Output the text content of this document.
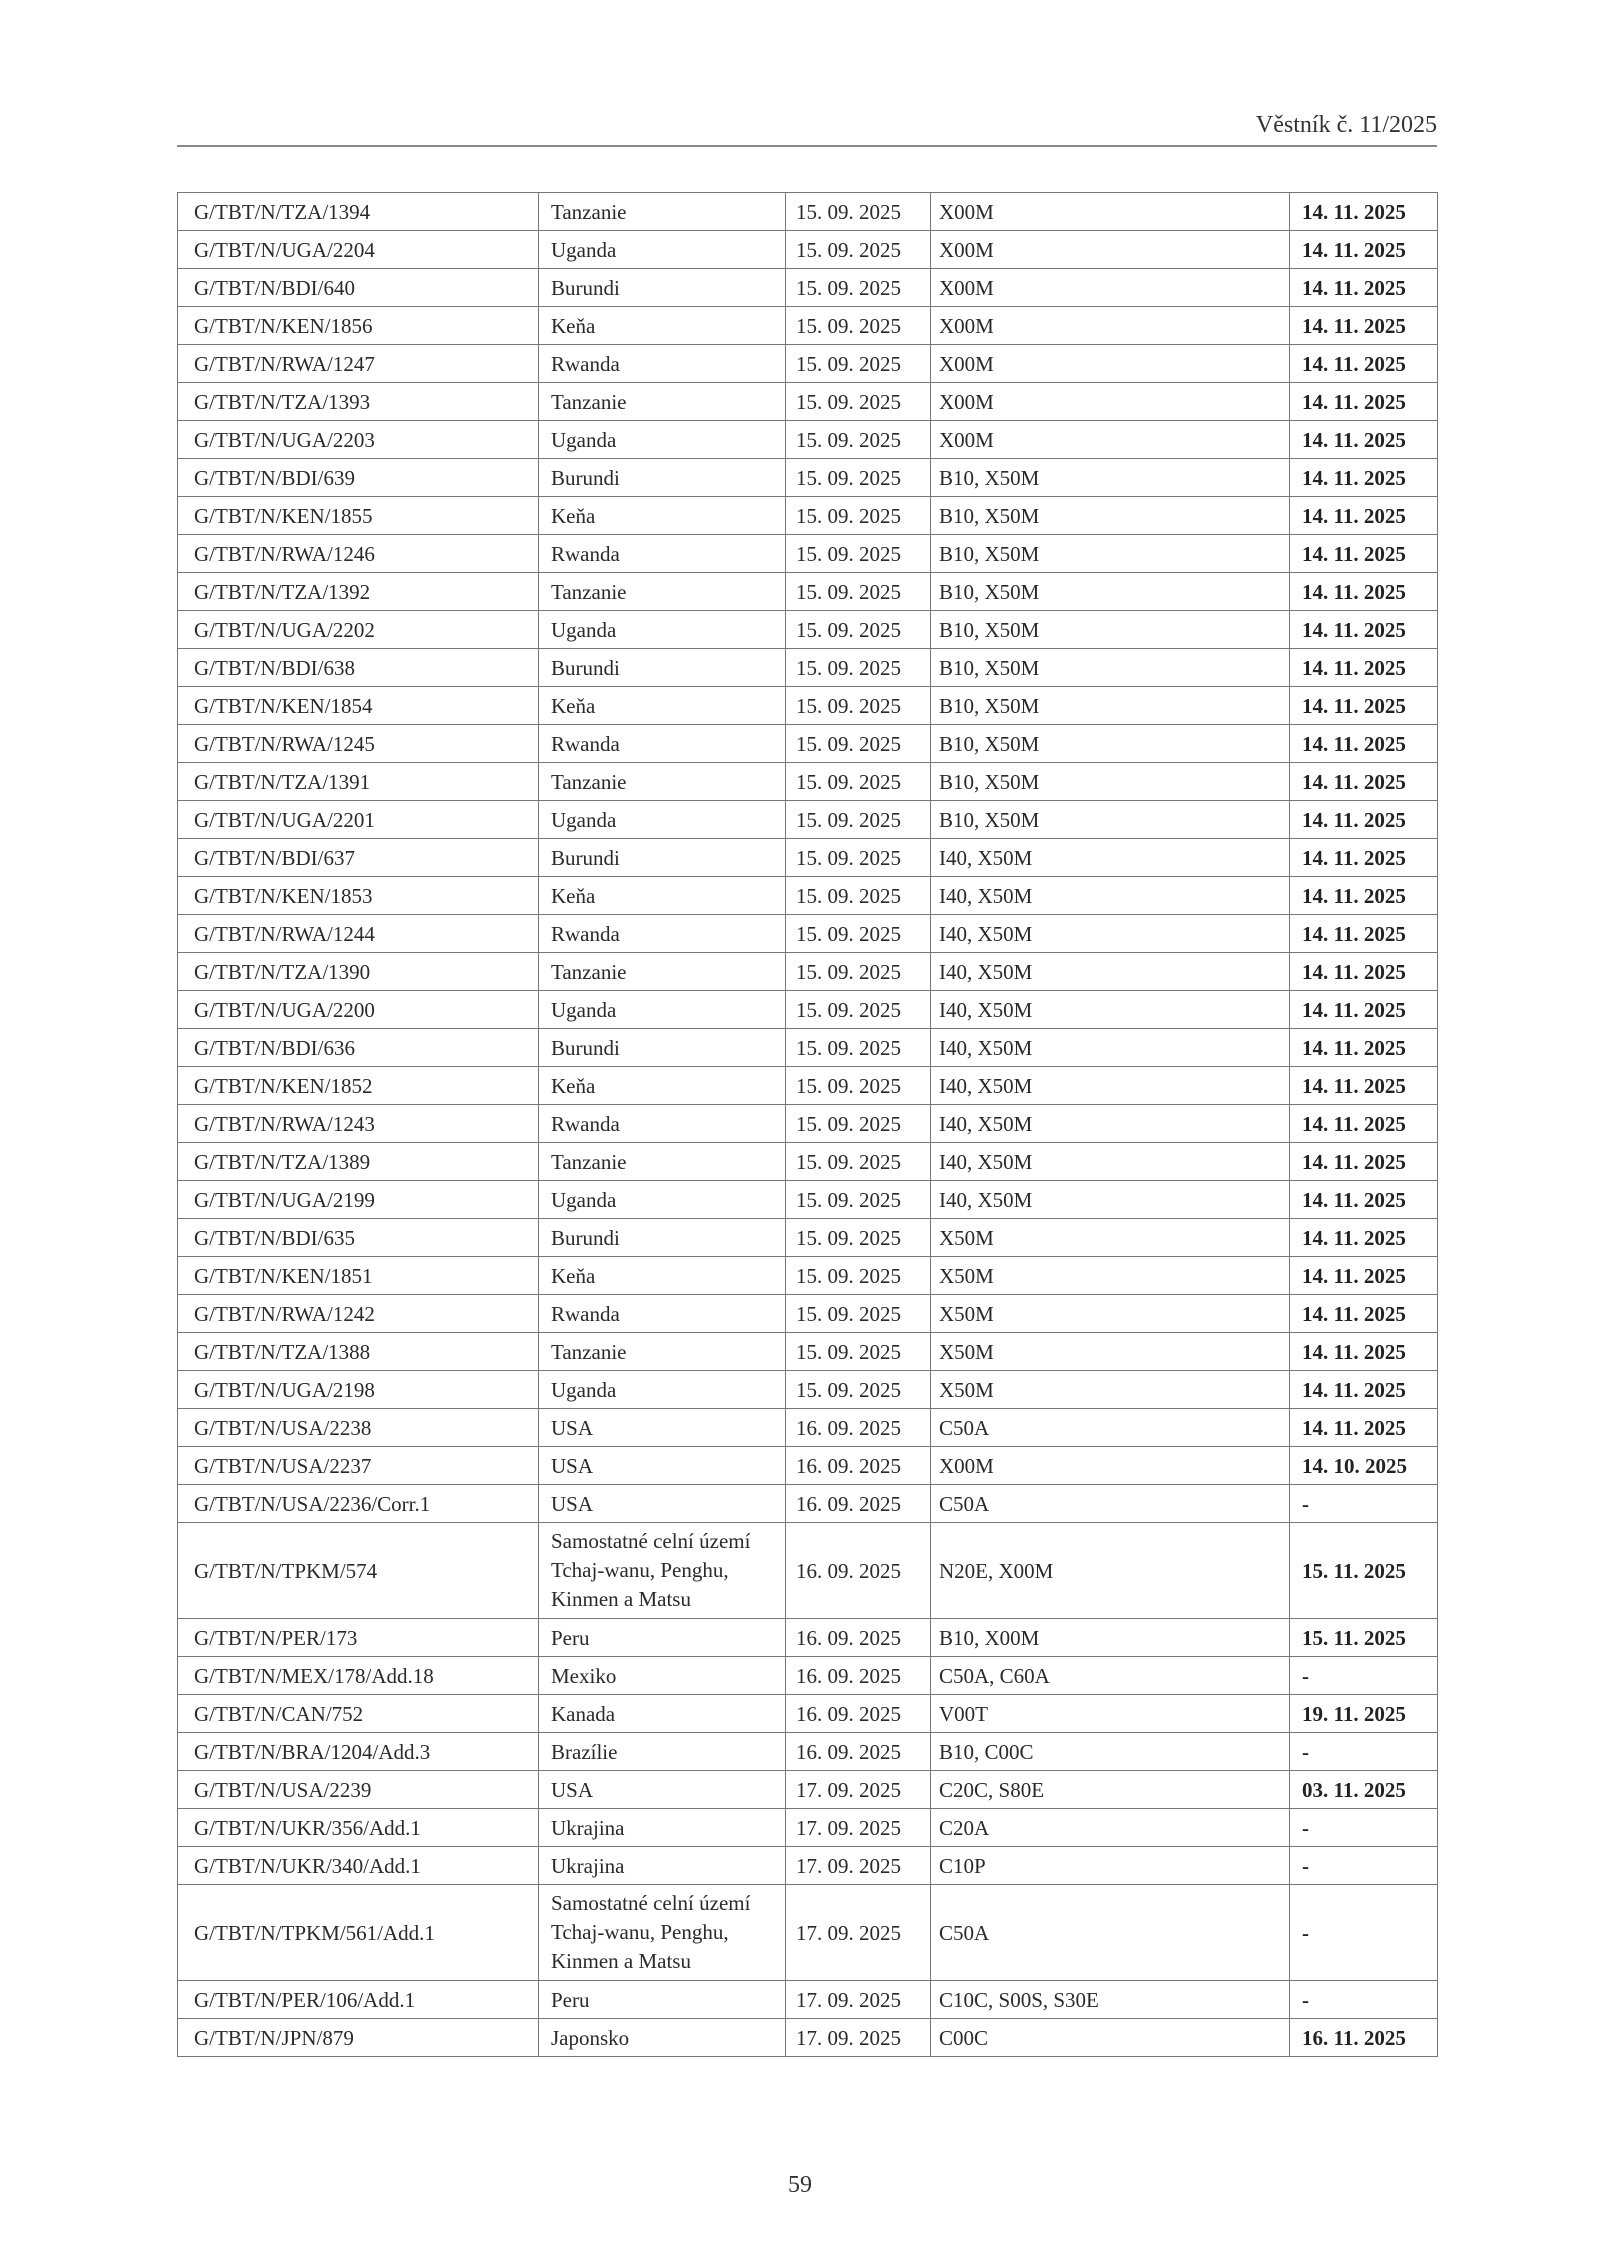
Věstník č. 11/2025
G/TBT/N/TZA/1394	Tanzanie	15. 09. 2025	X00M	14. 11. 2025
G/TBT/N/UGA/2204	Uganda	15. 09. 2025	X00M	14. 11. 2025
G/TBT/N/BDI/640	Burundi	15. 09. 2025	X00M	14. 11. 2025
G/TBT/N/KEN/1856	Keňa	15. 09. 2025	X00M	14. 11. 2025
G/TBT/N/RWA/1247	Rwanda	15. 09. 2025	X00M	14. 11. 2025
G/TBT/N/TZA/1393	Tanzanie	15. 09. 2025	X00M	14. 11. 2025
G/TBT/N/UGA/2203	Uganda	15. 09. 2025	X00M	14. 11. 2025
G/TBT/N/BDI/639	Burundi	15. 09. 2025	B10, X50M	14. 11. 2025
G/TBT/N/KEN/1855	Keňa	15. 09. 2025	B10, X50M	14. 11. 2025
G/TBT/N/RWA/1246	Rwanda	15. 09. 2025	B10, X50M	14. 11. 2025
G/TBT/N/TZA/1392	Tanzanie	15. 09. 2025	B10, X50M	14. 11. 2025
G/TBT/N/UGA/2202	Uganda	15. 09. 2025	B10, X50M	14. 11. 2025
G/TBT/N/BDI/638	Burundi	15. 09. 2025	B10, X50M	14. 11. 2025
G/TBT/N/KEN/1854	Keňa	15. 09. 2025	B10, X50M	14. 11. 2025
G/TBT/N/RWA/1245	Rwanda	15. 09. 2025	B10, X50M	14. 11. 2025
G/TBT/N/TZA/1391	Tanzanie	15. 09. 2025	B10, X50M	14. 11. 2025
G/TBT/N/UGA/2201	Uganda	15. 09. 2025	B10, X50M	14. 11. 2025
G/TBT/N/BDI/637	Burundi	15. 09. 2025	I40, X50M	14. 11. 2025
G/TBT/N/KEN/1853	Keňa	15. 09. 2025	I40, X50M	14. 11. 2025
G/TBT/N/RWA/1244	Rwanda	15. 09. 2025	I40, X50M	14. 11. 2025
G/TBT/N/TZA/1390	Tanzanie	15. 09. 2025	I40, X50M	14. 11. 2025
G/TBT/N/UGA/2200	Uganda	15. 09. 2025	I40, X50M	14. 11. 2025
G/TBT/N/BDI/636	Burundi	15. 09. 2025	I40, X50M	14. 11. 2025
G/TBT/N/KEN/1852	Keňa	15. 09. 2025	I40, X50M	14. 11. 2025
G/TBT/N/RWA/1243	Rwanda	15. 09. 2025	I40, X50M	14. 11. 2025
G/TBT/N/TZA/1389	Tanzanie	15. 09. 2025	I40, X50M	14. 11. 2025
G/TBT/N/UGA/2199	Uganda	15. 09. 2025	I40, X50M	14. 11. 2025
G/TBT/N/BDI/635	Burundi	15. 09. 2025	X50M	14. 11. 2025
G/TBT/N/KEN/1851	Keňa	15. 09. 2025	X50M	14. 11. 2025
G/TBT/N/RWA/1242	Rwanda	15. 09. 2025	X50M	14. 11. 2025
G/TBT/N/TZA/1388	Tanzanie	15. 09. 2025	X50M	14. 11. 2025
G/TBT/N/UGA/2198	Uganda	15. 09. 2025	X50M	14. 11. 2025
G/TBT/N/USA/2238	USA	16. 09. 2025	C50A	14. 11. 2025
G/TBT/N/USA/2237	USA	16. 09. 2025	X00M	14. 10. 2025
G/TBT/N/USA/2236/Corr.1	USA	16. 09. 2025	C50A	-
G/TBT/N/TPKM/574	Samostatné celní území Tchaj-wanu, Penghu, Kinmen a Matsu	16. 09. 2025	N20E, X00M	15. 11. 2025
G/TBT/N/PER/173	Peru	16. 09. 2025	B10, X00M	15. 11. 2025
G/TBT/N/MEX/178/Add.18	Mexiko	16. 09. 2025	C50A, C60A	-
G/TBT/N/CAN/752	Kanada	16. 09. 2025	V00T	19. 11. 2025
G/TBT/N/BRA/1204/Add.3	Brazílie	16. 09. 2025	B10, C00C	-
G/TBT/N/USA/2239	USA	17. 09. 2025	C20C, S80E	03. 11. 2025
G/TBT/N/UKR/356/Add.1	Ukrajina	17. 09. 2025	C20A	-
G/TBT/N/UKR/340/Add.1	Ukrajina	17. 09. 2025	C10P	-
G/TBT/N/TPKM/561/Add.1	Samostatné celní území Tchaj-wanu, Penghu, Kinmen a Matsu	17. 09. 2025	C50A	-
G/TBT/N/PER/106/Add.1	Peru	17. 09. 2025	C10C, S00S, S30E	-
G/TBT/N/JPN/879	Japonsko	17. 09. 2025	C00C	16. 11. 2025
59
